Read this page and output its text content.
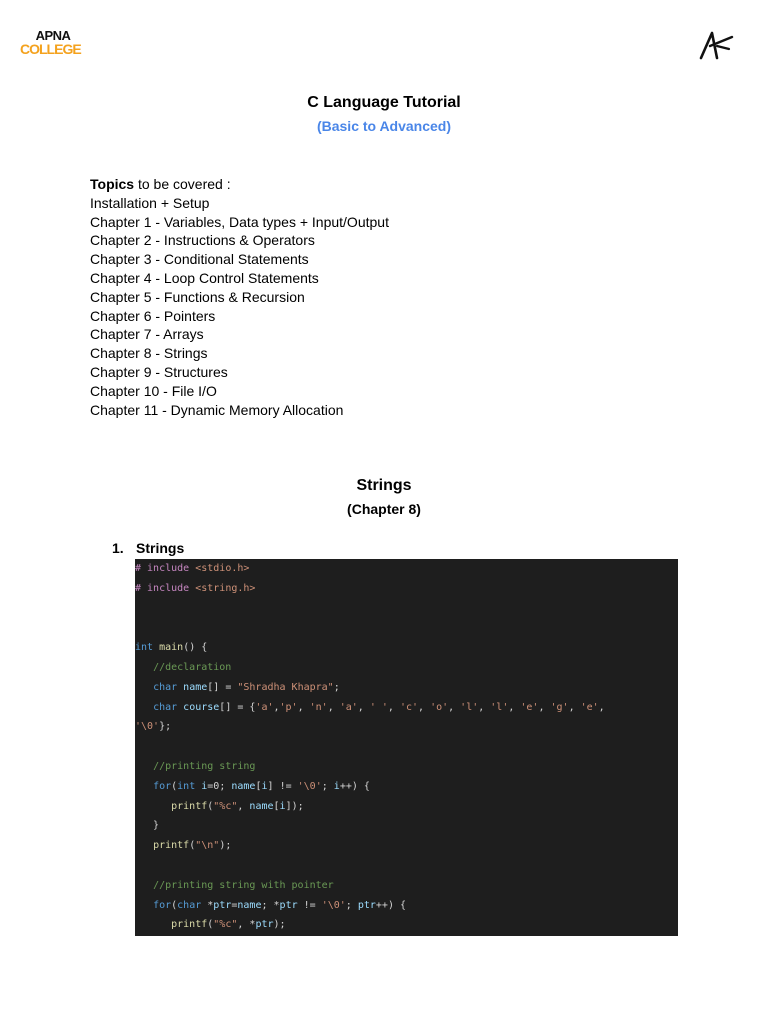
APNA
COLLEGE
C Language Tutorial
(Basic to Advanced)
Topics to be covered :
Installation + Setup
Chapter 1 - Variables, Data types + Input/Output
Chapter 2 - Instructions & Operators
Chapter 3 - Conditional Statements
Chapter 4 - Loop Control Statements
Chapter 5 - Functions & Recursion
Chapter 6 - Pointers
Chapter 7 - Arrays
Chapter 8 - Strings
Chapter 9 - Structures
Chapter 10 - File I/O
Chapter 11 - Dynamic Memory Allocation
Strings
(Chapter 8)
1. Strings
# include <stdio.h>
# include <string.h>
int main() {
//declaration
char name[] = "Shradha Khapra";
char course[] = {'a','p', 'n', 'a', ' ', 'c', 'o', 'l', 'l', 'e', 'g', 'e',
'\0'};
//printing string
for(int i=0; name[i] != '\0'; i++) {
printf("%c", name[i]);
}
printf("\n");
//printing string with pointer
for(char *ptr=name; *ptr != '\0'; ptr++) {
printf("%c", *ptr);
